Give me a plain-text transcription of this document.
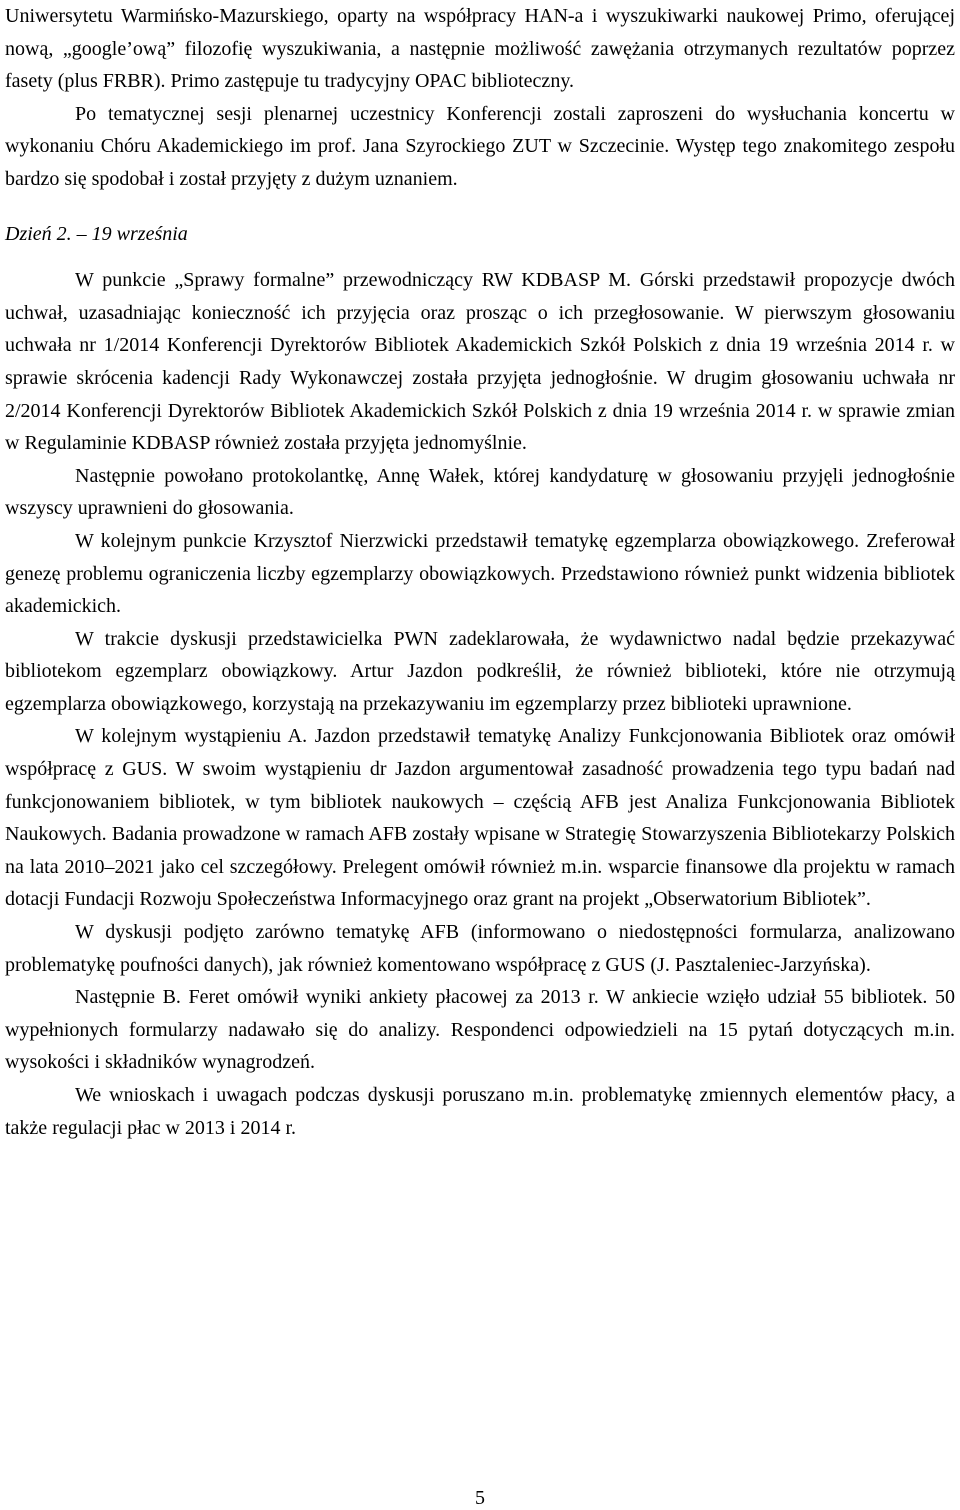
Uniwersytetu Warmińsko-Mazurskiego, oparty na współpracy HAN-a i wyszukiwarki naukowej Primo, oferującej nową, „google’ową” filozofię wyszukiwania, a następnie możliwość zawężania otrzymanych rezultatów poprzez fasety (plus FRBR). Primo zastępuje tu tradycyjny OPAC biblioteczny.

Po tematycznej sesji plenarnej uczestnicy Konferencji zostali zaproszeni do wysłuchania koncertu w wykonaniu Chóru Akademickiego im prof. Jana Szyrockiego ZUT w Szczecinie. Występ tego znakomitego zespołu bardzo się spodobał i został przyjęty z dużym uznaniem.

Dzień 2. – 19 września

W punkcie „Sprawy formalne” przewodniczący RW KDBASP M. Górski przedstawił propozycje dwóch uchwał, uzasadniając konieczność ich przyjęcia oraz prosząc o ich przegłosowanie. W pierwszym głosowaniu uchwała nr 1/2014 Konferencji Dyrektorów Bibliotek Akademickich Szkół Polskich z dnia 19 września 2014 r. w sprawie skrócenia kadencji Rady Wykonawczej została przyjęta jednogłośnie. W drugim głosowaniu uchwała nr 2/2014 Konferencji Dyrektorów Bibliotek Akademickich Szkół Polskich z dnia 19 września 2014 r. w sprawie zmian w Regulaminie KDBASP również została przyjęta jednomyślnie.

Następnie powołano protokolantkę, Annę Wałek, której kandydaturę w głosowaniu przyjęli jednogłośnie wszyscy uprawnieni do głosowania.

W kolejnym punkcie Krzysztof Nierzwicki przedstawił tematykę egzemplarza obowiązkowego. Zreferował genezę problemu ograniczenia liczby egzemplarzy obowiązkowych. Przedstawiono również punkt widzenia bibliotek akademickich.

W trakcie dyskusji przedstawicielka PWN zadeklarowała, że wydawnictwo nadal będzie przekazywać bibliotekom egzemplarz obowiązkowy. Artur Jazdon podkreślił, że również biblioteki, które nie otrzymują egzemplarza obowiązkowego, korzystają na przekazywaniu im egzemplarzy przez biblioteki uprawnione.

W kolejnym wystąpieniu A. Jazdon przedstawił tematykę Analizy Funkcjonowania Bibliotek oraz omówił współpracę z GUS. W swoim wystąpieniu dr Jazdon argumentował zasadność prowadzenia tego typu badań nad funkcjonowaniem bibliotek, w tym bibliotek naukowych – częścią AFB jest Analiza Funkcjonowania Bibliotek Naukowych. Badania prowadzone w ramach AFB zostały wpisane w Strategię Stowarzyszenia Bibliotekarzy Polskich na lata 2010–2021 jako cel szczegółowy. Prelegent omówił również m.in. wsparcie finansowe dla projektu w ramach dotacji Fundacji Rozwoju Społeczeństwa Informacyjnego oraz grant na projekt „Obserwatorium Bibliotek”.

W dyskusji podjęto zarówno tematykę AFB (informowano o niedostępności formularza, analizowano problematykę poufności danych), jak również komentowano współpracę z GUS (J. Pasztaleniec-Jarzyńska).

Następnie B. Feret omówił wyniki ankiety płacowej za 2013 r. W ankiecie wzięło udział 55 bibliotek. 50 wypełnionych formularzy nadawało się do analizy. Respondenci odpowiedzieli na 15 pytań dotyczących m.in. wysokości i składników wynagrodzeń.

We wnioskach i uwagach podczas dyskusji poruszano m.in. problematykę zmiennych elementów płacy, a także regulacji płac w 2013 i 2014 r.

5
